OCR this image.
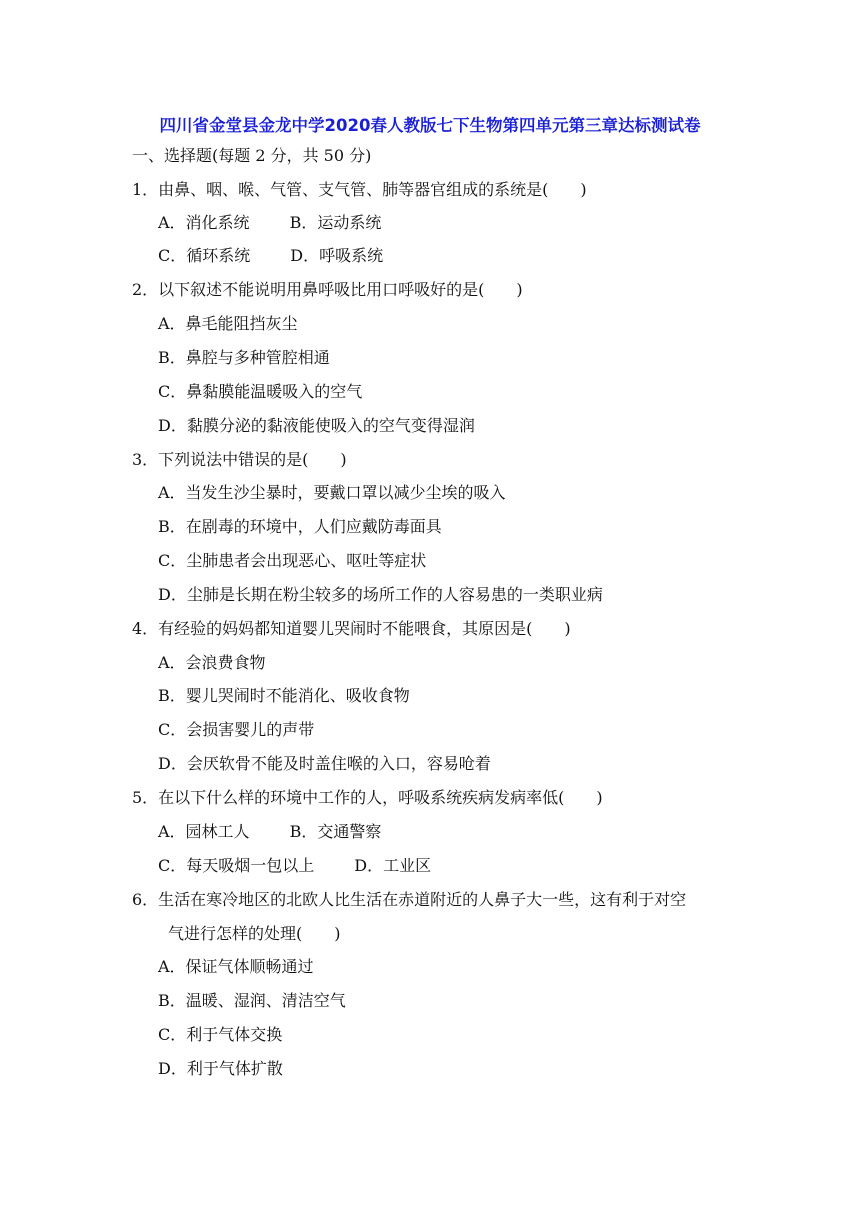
四川省金堂县金龙中学2020春人教版七下生物第四单元第三章达标测试卷
一、选择题(每题 2 分，共 50 分)
1．由鼻、咽、喉、气管、支气管、肺等器官组成的系统是(　　)
A．消化系统	B．运动系统
C．循环系统	D．呼吸系统
2．以下叙述不能说明用鼻呼吸比用口呼吸好的是(　　)
A．鼻毛能阻挡灰尘
B．鼻腔与多种管腔相通
C．鼻黏膜能温暖吸入的空气
D．黏膜分泌的黏液能使吸入的空气变得湿润
3．下列说法中错误的是(　　)
A．当发生沙尘暴时，要戴口罩以减少尘埃的吸入
B．在剧毒的环境中，人们应戴防毒面具
C．尘肺患者会出现恶心、呕吐等症状
D．尘肺是长期在粉尘较多的场所工作的人容易患的一类职业病
4．有经验的妈妈都知道婴儿哭闹时不能喂食，其原因是(　　)
A．会浪费食物
B．婴儿哭闹时不能消化、吸收食物
C．会损害婴儿的声带
D．会厌软骨不能及时盖住喉的入口，容易呛着
5．在以下什么样的环境中工作的人，呼吸系统疾病发病率低(　　)
A．园林工人	B．交通警察
C．每天吸烟一包以上	D．工业区
6．生活在寒冷地区的北欧人比生活在赤道附近的人鼻子大一些，这有利于对空
气进行怎样的处理(　　)
A．保证气体顺畅通过
B．温暖、湿润、清洁空气
C．利于气体交换
D．利于气体扩散
